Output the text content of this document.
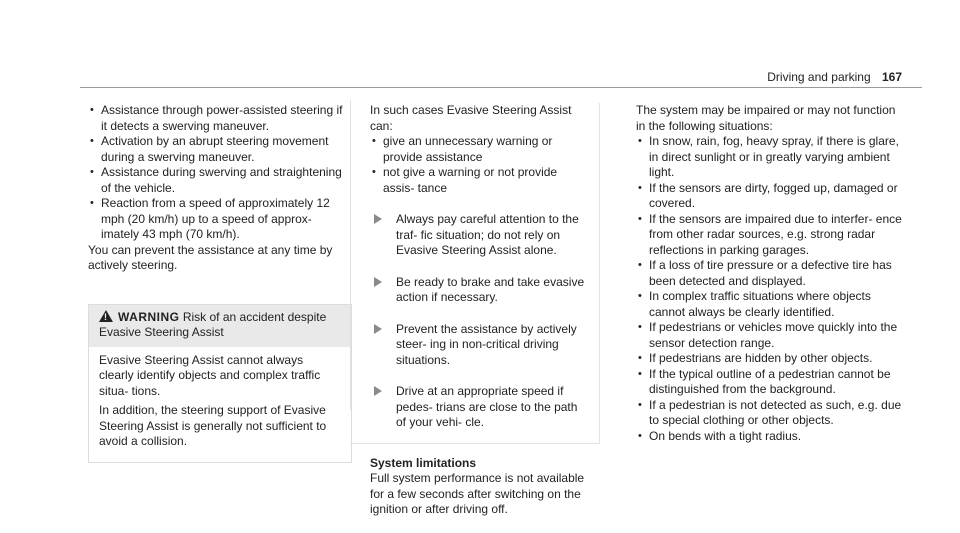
Driving and parking 167
• Assistance through power-assisted steering if it detects a swerving maneuver.
• Activation by an abrupt steering movement during a swerving maneuver.
• Assistance during swerving and straightening of the vehicle.
• Reaction from a speed of approximately 12 mph (20 km/h) up to a speed of approx- imately 43 mph (70 km/h).

You can prevent the assistance at any time by actively steering.

!WARNING Risk of an accident despite Evasive Steering Assist

Evasive Steering Assist cannot always clearly identify objects and complex traffic situa- tions.

In addition, the steering support of Evasive Steering Assist is generally not sufficient to avoid a collision.

In such cases Evasive Steering Assist can:

• give an unnecessary warning or provide assistance
• not give a warning or not provide assis- tance
Always pay careful attention to the traf- fic situation; do not rely on Evasive Steering Assist alone.
Be ready to brake and take evasive action if necessary.
Prevent the assistance by actively steer- ing in non-critical driving situations.
Drive at an appropriate speed if pedes- trians are close to the path of your vehi- cle.
System limitations

Full system performance is not available for a few seconds after switching on the ignition or after driving off.

The system may be impaired or may not function in the following situations:

• In snow, rain, fog, heavy spray, if there is glare, in direct sunlight or in greatly varying ambient light.
• If the sensors are dirty, fogged up, damaged or covered.
• If the sensors are impaired due to interfer- ence from other radar sources, e.g. strong radar reflections in parking garages.
• If a loss of tire pressure or a defective tire has been detected and displayed.
• In complex traffic situations where objects cannot always be clearly identified.
• If pedestrians or vehicles move quickly into the sensor detection range.
• If pedestrians are hidden by other objects.
• If the typical outline of a pedestrian cannot be distinguished from the background.
• If a pedestrian is not detected as such, e.g. due to special clothing or other objects.
• On bends with a tight radius.
